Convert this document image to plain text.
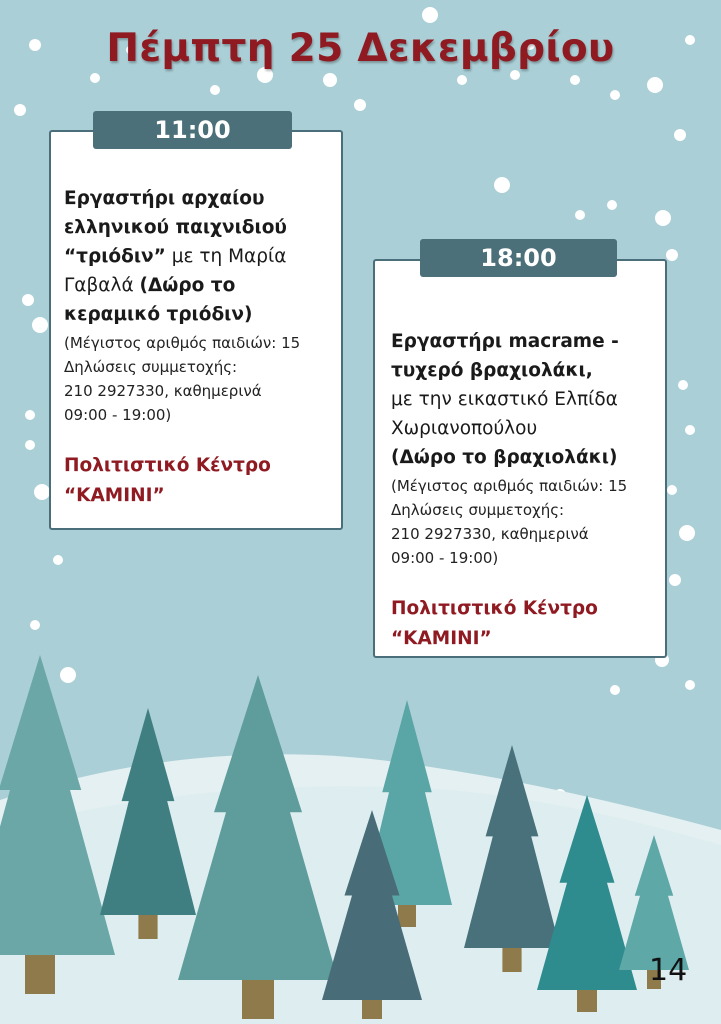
Πέμπτη 25 Δεκεμβρίου
Εργαστήρι αρχαίου
ελληνικού παιχνιδιού
“τριόδιν” με τη Μαρία
Γαβαλά (Δώρο το
κεραμικό τριόδιν)
(Μέγιστος αριθμός παιδιών: 15
Δηλώσεις συμμετοχής:
210 2927330, καθημερινά
09:00 - 19:00)
Πολιτιστικό Κέντρο
“ΚΑΜΙΝΙ”
11:00
Εργαστήρι macrame -
τυχερό βραχιολάκι,
με την εικαστικό Ελπίδα
Χωριανοπούλου
(Δώρο το βραχιολάκι)
(Μέγιστος αριθμός παιδιών: 15
Δηλώσεις συμμετοχής:
210 2927330, καθημερινά
09:00 - 19:00)
Πολιτιστικό Κέντρο
“ΚΑΜΙΝΙ”
18:00
14
